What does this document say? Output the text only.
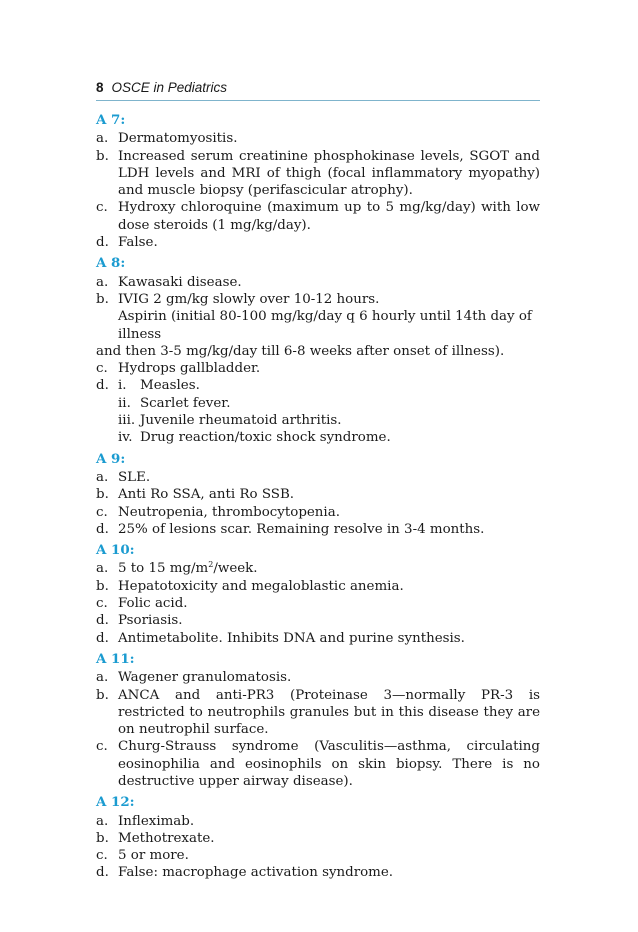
8 OSCE in Pediatrics
A 7:
a. Dermatomyositis.
b. Increased serum creatinine phosphokinase levels, SGOT and LDH levels and MRI of thigh (focal inflammatory myopathy) and muscle biopsy (perifascicular atrophy).
c. Hydroxy chloroquine (maximum up to 5 mg/kg/day) with low dose steroids (1 mg/kg/day).
d. False.
A 8:
a. Kawasaki disease.
b. IVIG 2 gm/kg slowly over 10-12 hours.
Aspirin (initial 80-100 mg/kg/day q 6 hourly until 14th day of illness
and then 3-5 mg/kg/day till 6-8 weeks after onset of illness).
c. Hydrops gallbladder.
d. i. Measles.
ii. Scarlet fever.
iii. Juvenile rheumatoid arthritis.
iv. Drug reaction/toxic shock syndrome.
A 9:
a. SLE.
b. Anti Ro SSA, anti Ro SSB.
c. Neutropenia, thrombocytopenia.
d. 25% of lesions scar. Remaining resolve in 3-4 months.
A 10:
a. 5 to 15 $mg/m^2$/week.
b. Hepatotoxicity and megaloblastic anemia.
c. Folic acid.
d. Psoriasis.
d. Antimetabolite. Inhibits DNA and purine synthesis.
A 11:
a. Wagener granulomatosis.
b. ANCA and anti-PR3 (Proteinase 3—normally PR-3 is restricted to neutrophils granules but in this disease they are on neutrophil surface.
c. Churg-Strauss syndrome (Vasculitis—asthma, circulating eosinophilia and eosinophils on skin biopsy. There is no destructive upper airway disease).
A 12:
a. Infleximab.
b. Methotrexate.
c. 5 or more.
d. False: macrophage activation syndrome.
